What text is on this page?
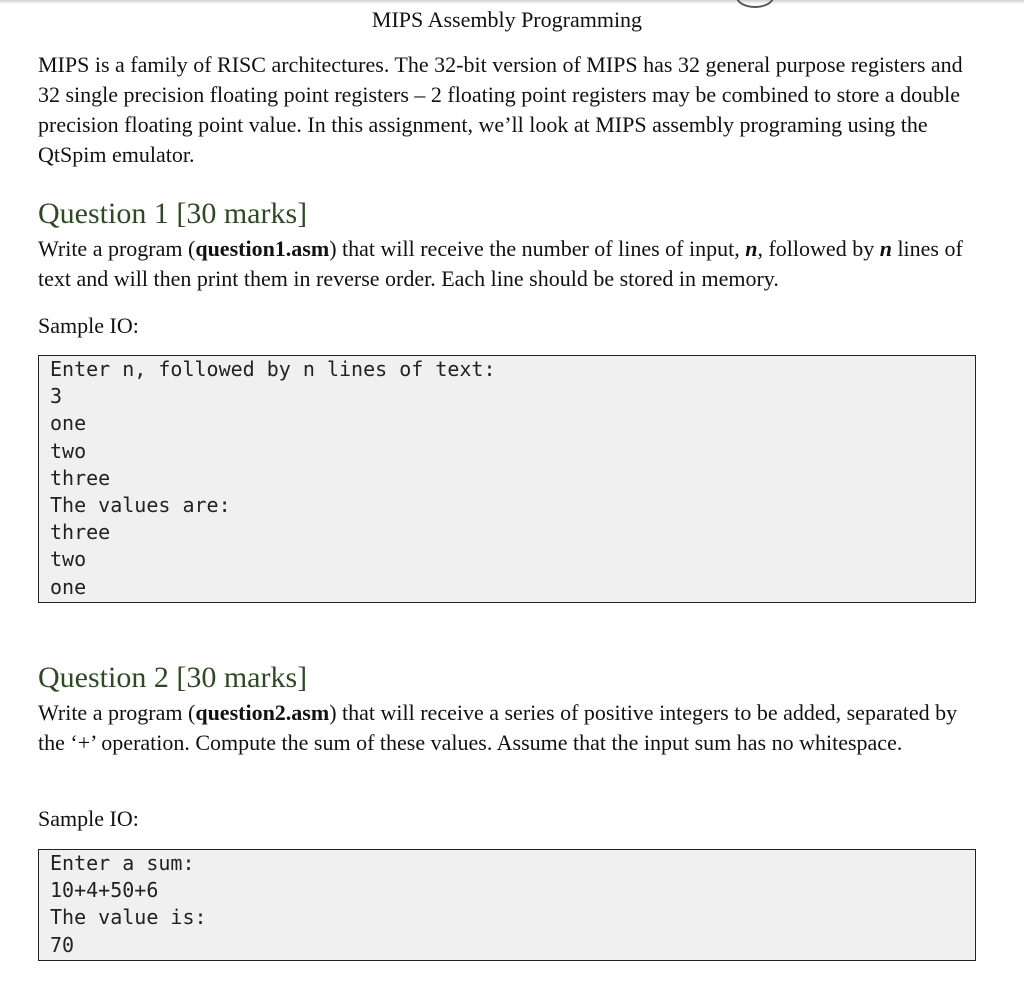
MIPS Assembly Programming

MIPS is a family of RISC architectures. The 32-bit version of MIPS has 32 general purpose registers and 32 single precision floating point registers – 2 floating point registers may be combined to store a double precision floating point value. In this assignment, we’ll look at MIPS assembly programing using the QtSpim emulator.

Question 1 [30 marks]

Write a program (question1.asm) that will receive the number of lines of input, n, followed by n lines of text and will then print them in reverse order. Each line should be stored in memory.

Sample IO:

Enter n, followed by n lines of text:
3
one
two
three
The values are:
three
two
one
Question 2 [30 marks]

Write a program (question2.asm) that will receive a series of positive integers to be added, separated by the ‘+’ operation. Compute the sum of these values. Assume that the input sum has no whitespace.

Sample IO:

Enter a sum:
10+4+50+6
The value is:
70
